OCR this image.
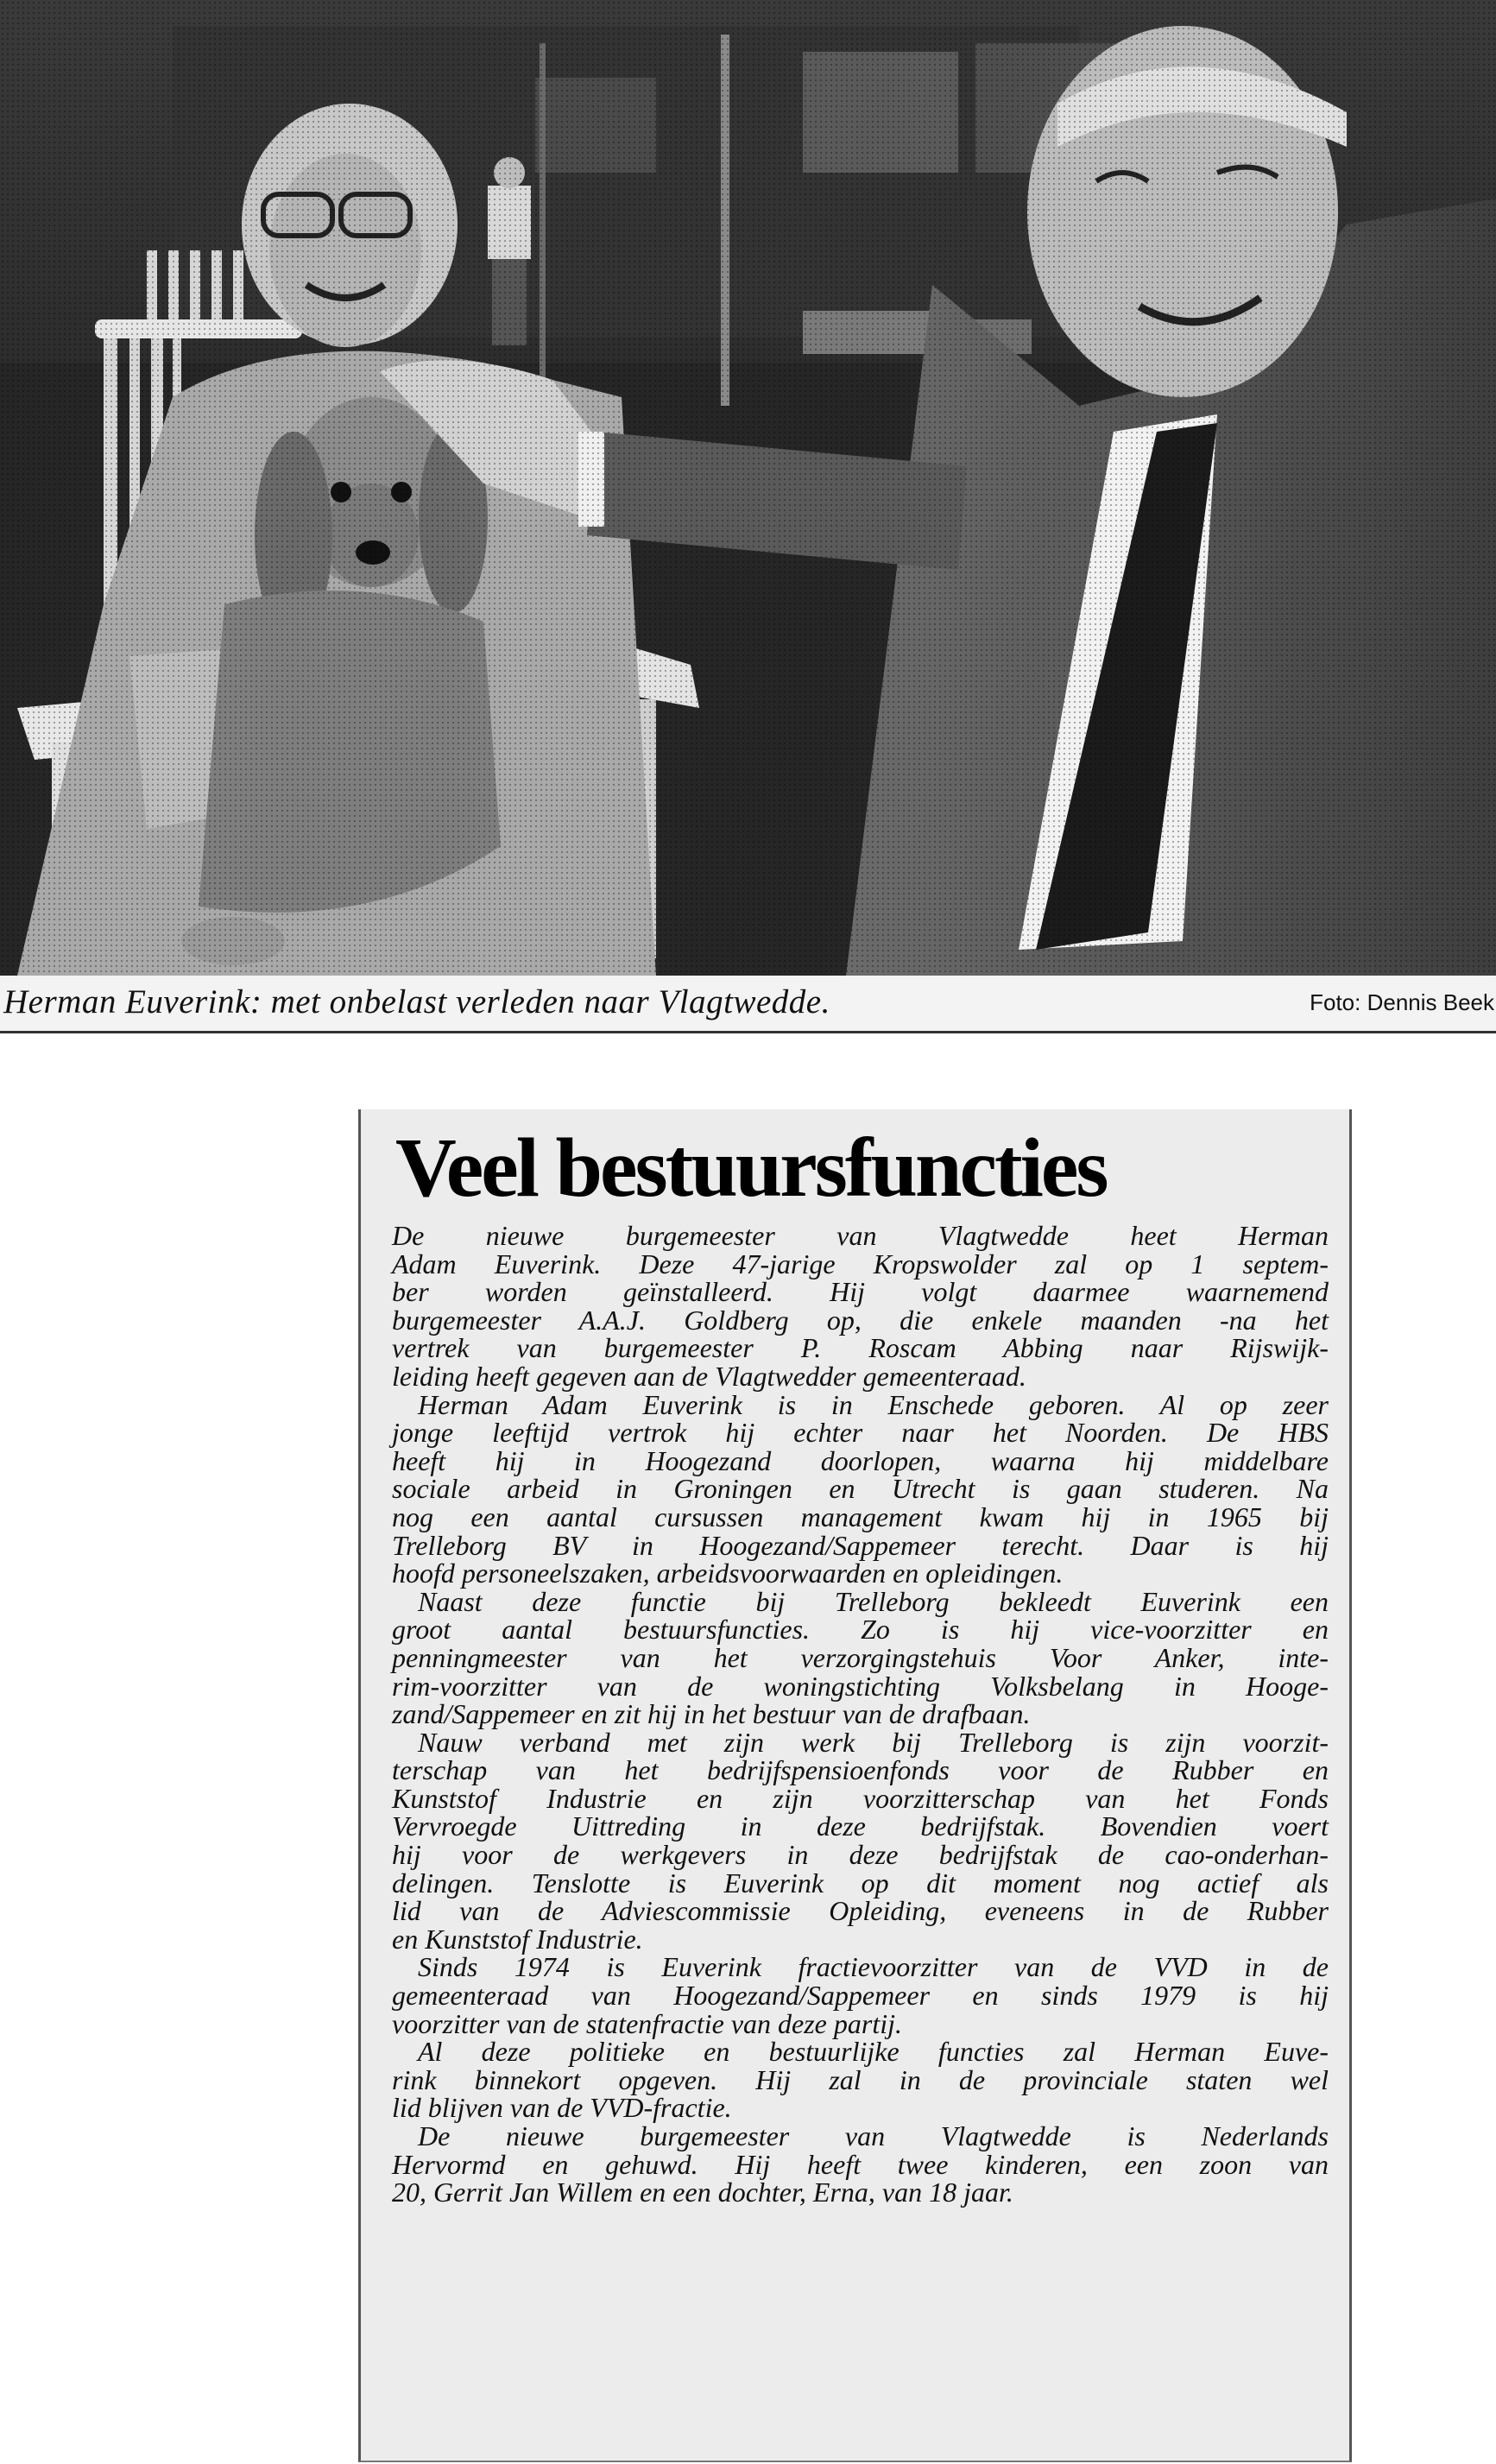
Herman Euverink: met onbelast verleden naar Vlagtwedde.	Foto: Dennis Beek
Veel bestuursfuncties
De nieuwe burgemeester van Vlagtwedde heet Herman
Adam Euverink. Deze 47-jarige Kropswolder zal op 1 septem-
ber worden geïnstalleerd. Hij volgt daarmee waarnemend
burgemeester A.A.J. Goldberg op, die enkele maanden -na het
vertrek van burgemeester P. Roscam Abbing naar Rijswijk-
leiding heeft gegeven aan de Vlagtwedder gemeenteraad.
Herman Adam Euverink is in Enschede geboren. Al op zeer
jonge leeftijd vertrok hij echter naar het Noorden. De HBS
heeft hij in Hoogezand doorlopen, waarna hij middelbare
sociale arbeid in Groningen en Utrecht is gaan studeren. Na
nog een aantal cursussen management kwam hij in 1965 bij
Trelleborg BV in Hoogezand/Sappemeer terecht. Daar is hij
hoofd personeelszaken, arbeidsvoorwaarden en opleidingen.
Naast deze functie bij Trelleborg bekleedt Euverink een
groot aantal bestuursfuncties. Zo is hij vice-voorzitter en
penningmeester van het verzorgingstehuis Voor Anker, inte-
rim-voorzitter van de woningstichting Volksbelang in Hooge-
zand/Sappemeer en zit hij in het bestuur van de drafbaan.
Nauw verband met zijn werk bij Trelleborg is zijn voorzit-
terschap van het bedrijfspensioenfonds voor de Rubber en
Kunststof Industrie en zijn voorzitterschap van het Fonds
Vervroegde Uittreding in deze bedrijfstak. Bovendien voert
hij voor de werkgevers in deze bedrijfstak de cao-onderhan-
delingen. Tenslotte is Euverink op dit moment nog actief als
lid van de Adviescommissie Opleiding, eveneens in de Rubber
en Kunststof Industrie.
Sinds 1974 is Euverink fractievoorzitter van de VVD in de
gemeenteraad van Hoogezand/Sappemeer en sinds 1979 is hij
voorzitter van de statenfractie van deze partij.
Al deze politieke en bestuurlijke functies zal Herman Euve-
rink binnekort opgeven. Hij zal in de provinciale staten wel
lid blijven van de VVD-fractie.
De nieuwe burgemeester van Vlagtwedde is Nederlands
Hervormd en gehuwd. Hij heeft twee kinderen, een zoon van
20, Gerrit Jan Willem en een dochter, Erna, van 18 jaar.
